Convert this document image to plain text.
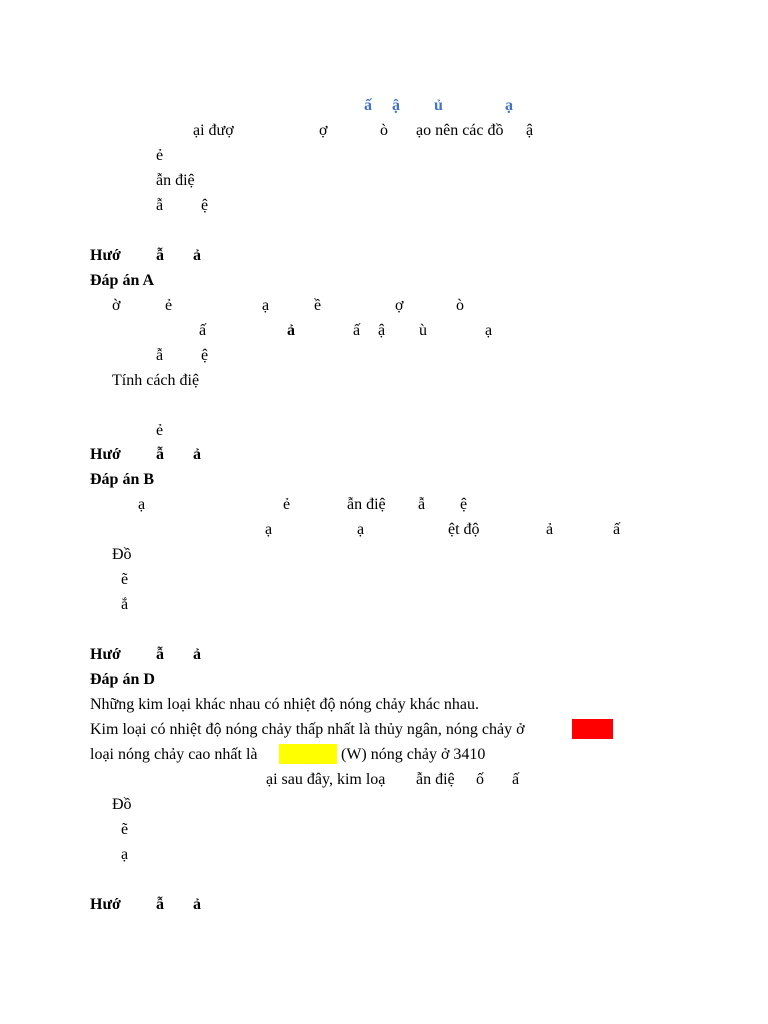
ấ ậ ủ	ạ
ại đượ	ợ	ò ạo nên các đồ ậ
ẻ
ẫn điệ
ẫ ệ
Hướ ẫ ả
Đáp án A
ờ	ẻ	ạ	ề	ợ	ò
ấ	ả	ấ ậ ù	ạ
ẫ ệ
Tính cách điệ
ẻ
Hướ ẫ ả
Đáp án B
ạ	ẻ	ẫn điệ ẫ ệ
ạ	ạ	ệt độ	ả	ấ
Đồ
ẽ
ắ
Hướ ẫ ả
Đáp án D
Những kim loại khác nhau có nhiệt độ nóng chảy khác nhau.
Kim loại có nhiệt độ nóng chảy thấp nhất là thủy ngân, nóng chảy ở
loại nóng chảy cao nhất là	(W) nóng chảy ở 3410
ại sau đây, kim loạ ẫn điệ ố ấ
Đồ
ẽ
ạ
Hướ ẫ ả
